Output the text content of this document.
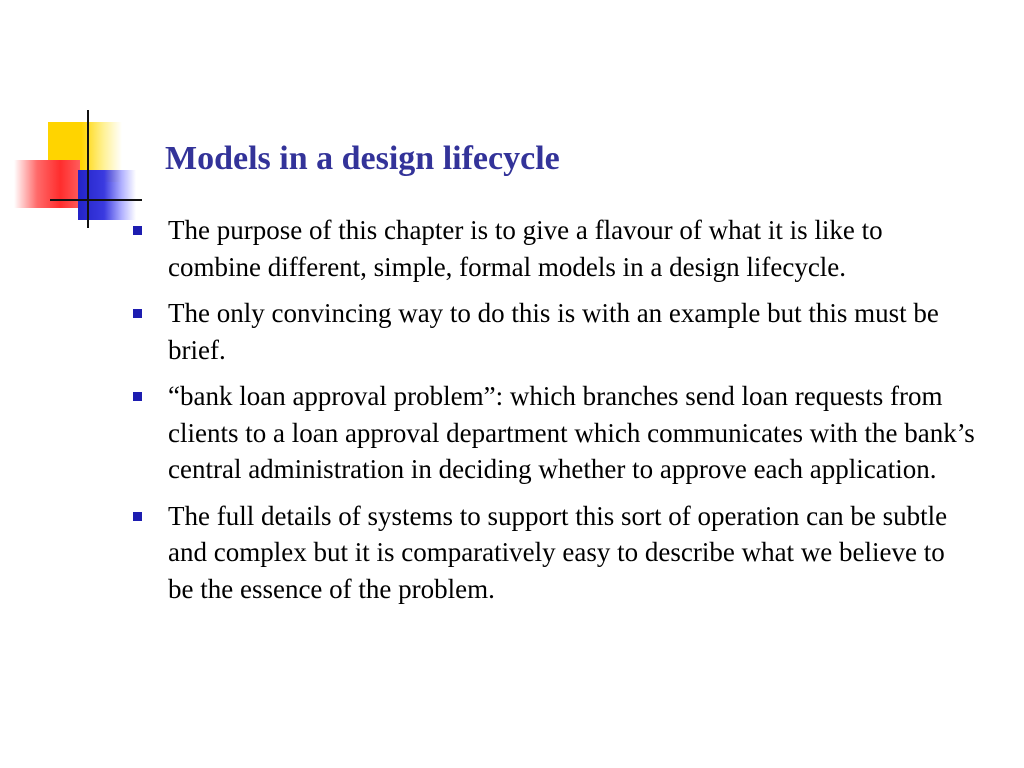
Models in a design lifecycle
The purpose of this chapter is to give a flavour of what it is like to combine different, simple, formal models in a design lifecycle.
The only convincing way to do this is with an example but this must be brief.
“bank loan approval problem”: which branches send loan requests from clients to a loan approval department which communicates with the bank’s central administration in deciding whether to approve each application.
The full details of systems to support this sort of operation can be subtle and complex but it is comparatively easy to describe what we believe to be the essence of the problem.
